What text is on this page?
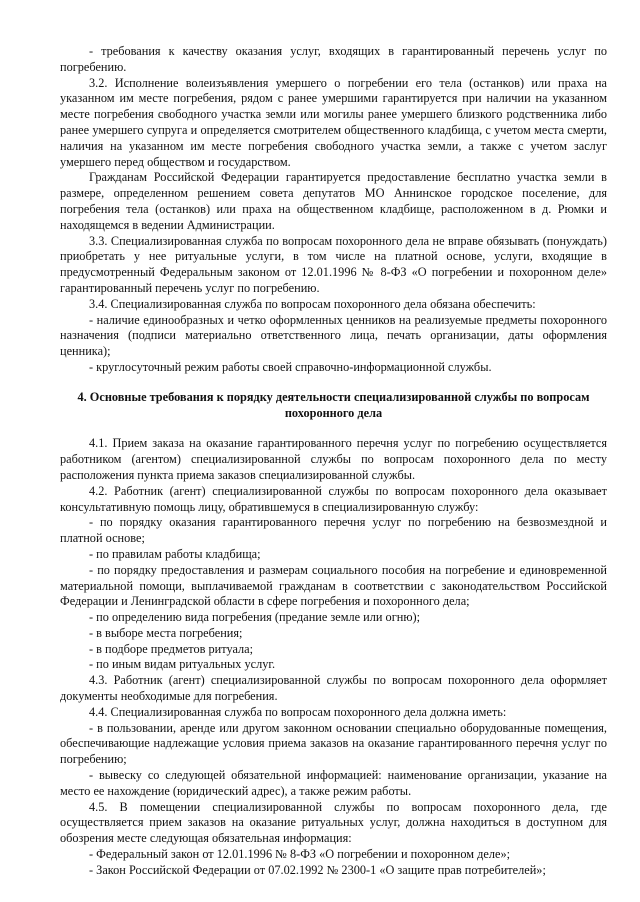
- требования к качеству оказания услуг, входящих в гарантированный перечень услуг по погребению.

3.2. Исполнение волеизъявления умершего о погребении его тела (останков) или праха на указанном им месте погребения, рядом с ранее умершими гарантируется при наличии на указанном месте погребения свободного участка земли или могилы ранее умершего близкого родственника либо ранее умершего супруга и определяется смотрителем общественного кладбища, с учетом места смерти, наличия на указанном им месте погребения свободного участка земли, а также с учетом заслуг умершего перед обществом и государством.

Гражданам Российской Федерации гарантируется предоставление бесплатно участка земли в размере, определенном решением совета депутатов МО Аннинское городское поселение, для погребения тела (останков) или праха на общественном кладбище, расположенном в д. Рюмки и находящемся в ведении Администрации.

3.3. Специализированная служба по вопросам похоронного дела не вправе обязывать (понуждать) приобретать у нее ритуальные услуги, в том числе на платной основе, услуги, входящие в предусмотренный Федеральным законом от 12.01.1996 № 8-ФЗ «О погребении и похоронном деле» гарантированный перечень услуг по погребению.

3.4. Специализированная служба по вопросам похоронного дела обязана обеспечить:

- наличие единообразных и четко оформленных ценников на реализуемые предметы похоронного назначения (подписи материально ответственного лица, печать организации, даты оформления ценника);

- круглосуточный режим работы своей справочно-информационной службы.

4. Основные требования к порядку деятельности специализированной службы по вопросам похоронного дела

4.1. Прием заказа на оказание гарантированного перечня услуг по погребению осуществляется работником (агентом) специализированной службы по вопросам похоронного дела по месту расположения пункта приема заказов специализированной службы.

4.2. Работник (агент) специализированной службы по вопросам похоронного дела оказывает консультативную помощь лицу, обратившемуся в специализированную службу:

- по порядку оказания гарантированного перечня услуг по погребению на безвозмездной и платной основе;

- по правилам работы кладбища;

- по порядку предоставления и размерам социального пособия на погребение и единовременной материальной помощи, выплачиваемой гражданам в соответствии с законодательством Российской Федерации и Ленинградской области в сфере погребения и похоронного дела;

- по определению вида погребения (предание земле или огню);

- в выборе места погребения;

- в подборе предметов ритуала;

- по иным видам ритуальных услуг.

4.3. Работник (агент) специализированной службы по вопросам похоронного дела оформляет документы необходимые для погребения.

4.4. Специализированная служба по вопросам похоронного дела должна иметь:

- в пользовании, аренде или другом законном основании специально оборудованные помещения, обеспечивающие надлежащие условия приема заказов на оказание гарантированного перечня услуг по погребению;

- вывеску со следующей обязательной информацией: наименование организации, указание на место ее нахождение (юридический адрес), а также режим работы.

4.5. В помещении специализированной службы по вопросам похоронного дела, где осуществляется прием заказов на оказание ритуальных услуг, должна находиться в доступном для обозрения месте следующая обязательная информация:

- Федеральный закон от 12.01.1996 № 8-ФЗ «О погребении и похоронном деле»;

- Закон Российской Федерации от 07.02.1992 № 2300-1 «О защите прав потребителей»;
